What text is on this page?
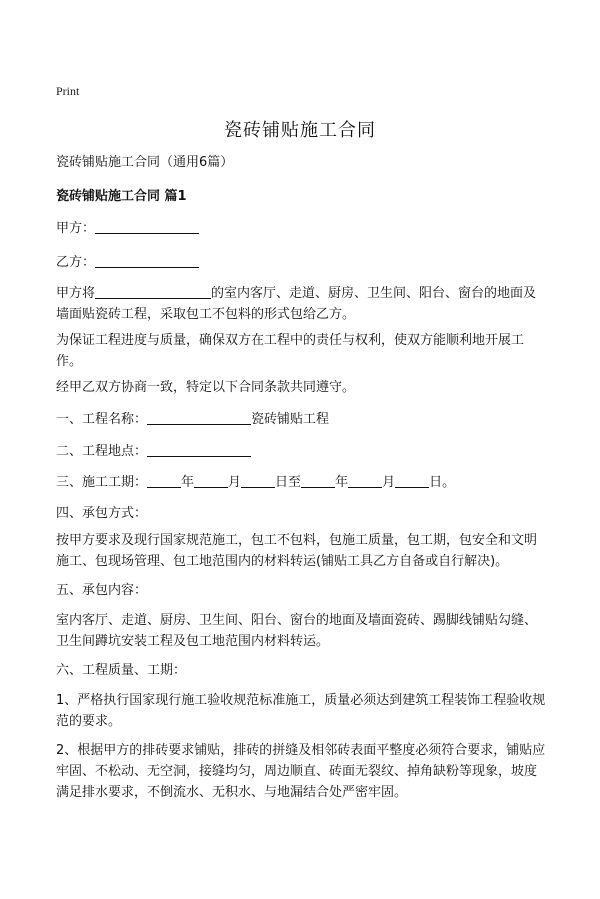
Print
瓷砖铺贴施工合同

瓷砖铺贴施工合同（通用6篇）

瓷砖铺贴施工合同 篇1

甲方：

乙方：

甲方将	的室内客厅、走道、厨房、卫生间、阳台、窗台的地面及墙面贴瓷砖工程，采取包工不包料的形式包给乙方。

为保证工程进度与质量，确保双方在工程中的责任与权利，使双方能顺利地开展工作。

经甲乙双方协商一致，特定以下合同条款共同遵守。

一、工程名称：	瓷砖铺贴工程

二、工程地点：

三、施工工期：	年	月	日至	年	月	日。

四、承包方式：

按甲方要求及现行国家规范施工，包工不包料，包施工质量，包工期，包安全和文明施工、包现场管理、包工地范围内的材料转运(铺贴工具乙方自备或自行解决)。

五、承包内容：

室内客厅、走道、厨房、卫生间、阳台、窗台的地面及墙面瓷砖、踢脚线铺贴勾缝、卫生间蹲坑安装工程及包工地范围内材料转运。

六、工程质量、工期：

1、严格执行国家现行施工验收规范标准施工，质量必须达到建筑工程装饰工程验收规范的要求。

2、根据甲方的排砖要求铺贴，排砖的拼缝及相邻砖表面平整度必须符合要求，铺贴应牢固、不松动、无空洞，接缝均匀，周边顺直、砖面无裂纹、掉角缺粉等现象，坡度满足排水要求，不倒流水、无积水、与地漏结合处严密牢固。
